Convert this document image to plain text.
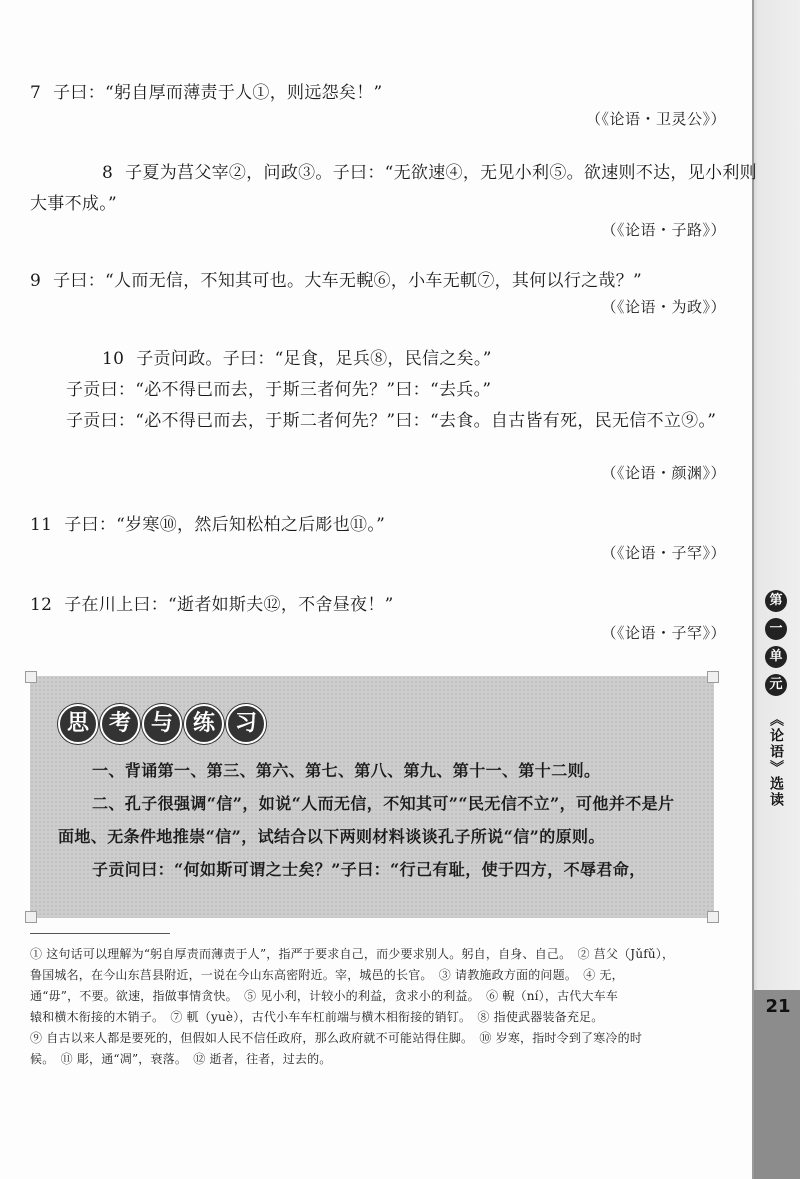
7 子曰：“躬自厚而薄责于人①，则远怨矣！”
（《论语・卫灵公》）

8 子夏为莒父宰②，问政③。子曰：“无欲速④，无见小利⑤。欲速则不达，见小利则大事不成。”

（《论语・子路》）
9 子曰：“人而无信，不知其可也。大车无輗⑥，小车无軏⑦，其何以行之哉？”
（《论语・为政》）

10 子贡问政。子曰：“足食，足兵⑧，民信之矣。”

子贡曰：“必不得已而去，于斯三者何先？”曰：“去兵。”

子贡曰：“必不得已而去，于斯二者何先？”曰：“去食。自古皆有死，民无信不立⑨。”

（《论语・颜渊》）
11 子曰：“岁寒⑩，然后知松柏之后彫也⑪。”
（《论语・子罕》）
12 子在川上曰：“逝者如斯夫⑫，不舍昼夜！”
（《论语・子罕》）
思 考 与 练 习

一、背诵第一、第三、第六、第七、第八、第九、第十一、第十二则。

二、孔子很强调“信”，如说“人而无信，不知其可”“民无信不立”，可他并不是片面地、无条件地推崇“信”，试结合以下两则材料谈谈孔子所说“信”的原则。

子贡问曰：“何如斯可谓之士矣？”子曰：“行己有耻，使于四方，不辱君命，

① 这句话可以理解为“躬自厚责而薄责于人”，指严于要求自己，而少要求别人。躬自，自身、自己。　② 莒父（Jǔfǔ），
鲁国城名，在今山东莒县附近，一说在今山东高密附近。宰，城邑的长官。　③ 请教施政方面的问题。　④ 无，
通“毋”，不要。欲速，指做事情贪快。　⑤ 见小利，计较小的利益，贪求小的利益。　⑥ 輗（ní），古代大车车
辕和横木衔接的木销子。　⑦ 軏（yuè），古代小车车杠前端与横木相衔接的销钉。　⑧ 指使武器装备充足。
⑨ 自古以来人都是要死的，但假如人民不信任政府，那么政府就不可能站得住脚。　⑩ 岁寒，指时令到了寒冷的时
候。　⑪ 彫，通“凋”，衰落。　⑫ 逝者，往者，过去的。
第
一
单
元
《论语》选读
21
